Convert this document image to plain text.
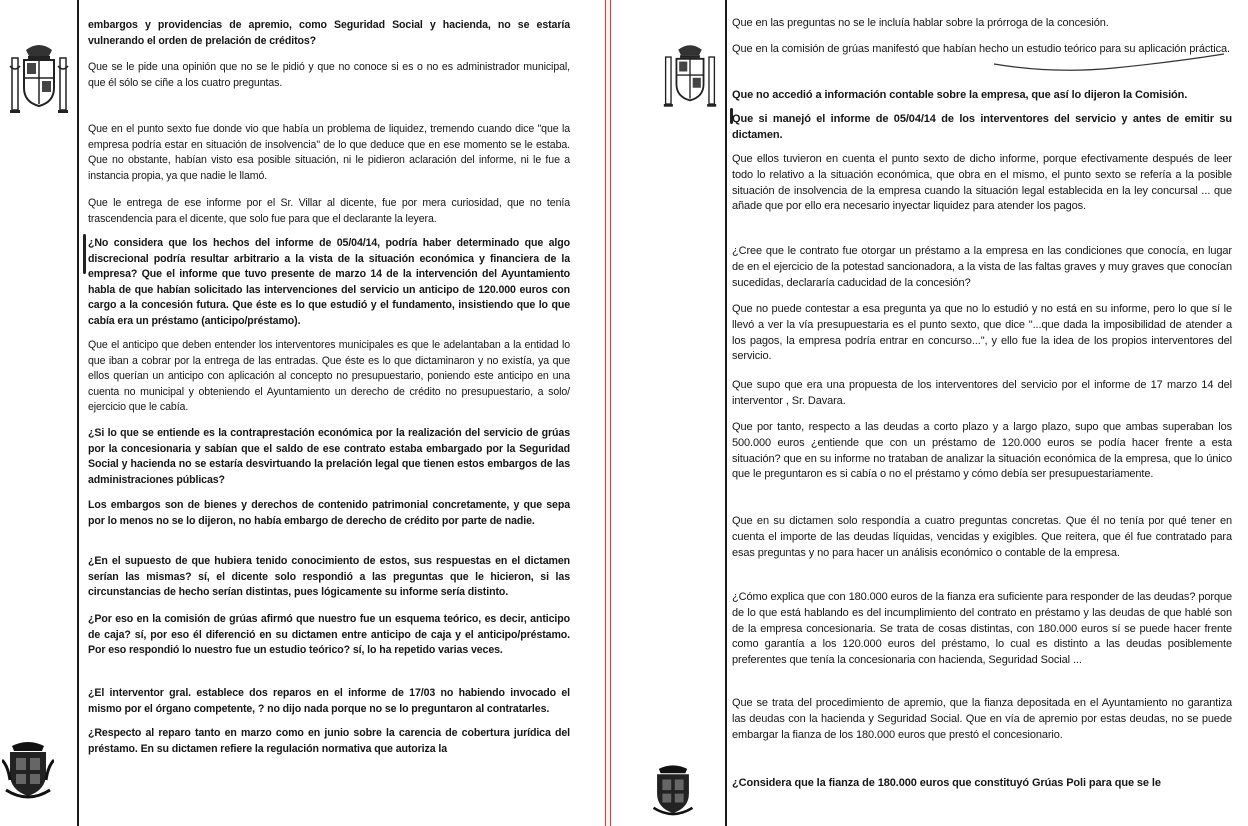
embargos y providencias de apremio, como Seguridad Social y hacienda, no se estaría vulnerando el orden de prelación de créditos?

Que se le pide una opinión que no se le pidió y que no conoce si es o no es administrador municipal, que él sólo se ciñe a los cuatro preguntas.

Que en el punto sexto fue donde vio que había un problema de liquidez, tremendo cuando dice "que la empresa podría estar en situación de insolvencia" de lo que deduce que en ese momento se le estaba. Que no obstante, habían visto esa posible situación, ni le pidieron aclaración del informe, ni le fue a instancia propia, ya que nadie le llamó.

Que le entrega de ese informe por el Sr. Villar al dicente, fue por mera curiosidad, que no tenía trascendencia para el dicente, que solo fue para que el declarante la leyera.

¿No considera que los hechos del informe de 05/04/14, podría haber determinado que algo discrecional podría resultar arbitrario a la vista de la situación económica y financiera de la empresa? Que el informe que tuvo presente de marzo 14 de la intervención del Ayuntamiento habla de que habían solicitado las intervenciones del servicio un anticipo de 120.000 euros con cargo a la concesión futura. Que éste es lo que estudió y el fundamento, insistiendo que lo que cabía era un préstamo (anticipo/préstamo).

Que el anticipo que deben entender los interventores municipales es que le adelantaban a la entidad lo que iban a cobrar por la entrega de las entradas. Que éste es lo que dictaminaron y no existía, ya que ellos querían un anticipo con aplicación al concepto no presupuestario, poniendo este anticipo en una cuenta no municipal y obteniendo el Ayuntamiento un derecho de crédito no presupuestario, a solo/ ejercicio que le cabía.

¿Si lo que se entiende es la contraprestación económica por la realización del servicio de grúas por la concesionaria y sabían que el saldo de ese contrato estaba embargado por la Seguridad Social y hacienda no se estaría desvirtuando la prelación legal que tienen estos embargos de las administraciones públicas?

Los embargos son de bienes y derechos de contenido patrimonial concretamente, y que sepa por lo menos no se lo dijeron, no había embargo de derecho de crédito por parte de nadie.

¿En el supuesto de que hubiera tenido conocimiento de estos, sus respuestas en el dictamen serían las mismas? sí, el dicente solo respondió a las preguntas que le hicieron, si las circunstancias de hecho serían distintas, pues lógicamente su informe sería distinto.

¿Por eso en la comisión de grúas afirmó que nuestro fue un esquema teórico, es decir, anticipo de caja? sí, por eso él diferenció en su dictamen entre anticipo de caja y el anticipo/préstamo. Por eso respondió lo nuestro fue un estudio teórico? sí, lo ha repetido varias veces.

¿El interventor gral. establece dos reparos en el informe de 17/03 no habiendo invocado el mismo por el órgano competente, ? no dijo nada porque no se lo preguntaron al contratarles.

¿Respecto al reparo tanto en marzo como en junio sobre la carencia de cobertura jurídica del préstamo. En su dictamen refiere la regulación normativa que autoriza la

Que en las preguntas no se le incluía hablar sobre la prórroga de la concesión.

Que en la comisión de grúas manifestó que habían hecho un estudio teórico para su aplicación práctica.

Que no accedió a información contable sobre la empresa, que así lo dijeron la Comisión.

Que si manejó el informe de 05/04/14 de los interventores del servicio y antes de emitir su dictamen.

Que ellos tuvieron en cuenta el punto sexto de dicho informe, porque efectivamente después de leer todo lo relativo a la situación económica, que obra en el mismo, el punto sexto se refería a la posible situación de insolvencia de la empresa cuando la situación legal establecida en la ley concursal ... que añade que por ello era necesario inyectar liquidez para atender los pagos.

¿Cree que le contrato fue otorgar un préstamo a la empresa en las condiciones que conocía, en lugar de en el ejercicio de la potestad sancionadora, a la vista de las faltas graves y muy graves que conocían sucedidas, declararía caducidad de la concesión?

Que no puede contestar a esa pregunta ya que no lo estudió y no está en su informe, pero lo que sí le llevó a ver la vía presupuestaria es el punto sexto, que dice "...que dada la imposibilidad de atender a los pagos, la empresa podría entrar en concurso...", y ello fue la idea de los propios interventores del servicio.

Que supo que era una propuesta de los interventores del servicio por el informe de 17 marzo 14 del interventor , Sr. Davara.

Que por tanto, respecto a las deudas a corto plazo y a largo plazo, supo que ambas superaban los 500.000 euros ¿entiende que con un préstamo de 120.000 euros se podía hacer frente a esta situación? que en su informe no trataban de analizar la situación económica de la empresa, que lo único que le preguntaron es si cabía o no el préstamo y cómo debía ser presupuestariamente.

Que en su dictamen solo respondía a cuatro preguntas concretas. Que él no tenía por qué tener en cuenta el importe de las deudas líquidas, vencidas y exigibles. Que reitera, que él fue contratado para esas preguntas y no para hacer un análisis económico o contable de la empresa.

¿Cómo explica que con 180.000 euros de la fianza era suficiente para responder de las deudas? porque de lo que está hablando es del incumplimiento del contrato en préstamo y las deudas de que hablé son de la empresa concesionaria. Se trata de cosas distintas, con 180.000 euros sí se puede hacer frente como garantía a los 120.000 euros del préstamo, lo cual es distinto a las deudas posiblemente preferentes que tenía la concesionaria con hacienda, Seguridad Social ...

Que se trata del procedimiento de apremio, que la fianza depositada en el Ayuntamiento no garantiza las deudas con la hacienda y Seguridad Social. Que en vía de apremio por estas deudas, no se puede embargar la fianza de los 180.000 euros que prestó el concesionario.

¿Considera que la fianza de 180.000 euros que constituyó Grúas Poli para que se le
